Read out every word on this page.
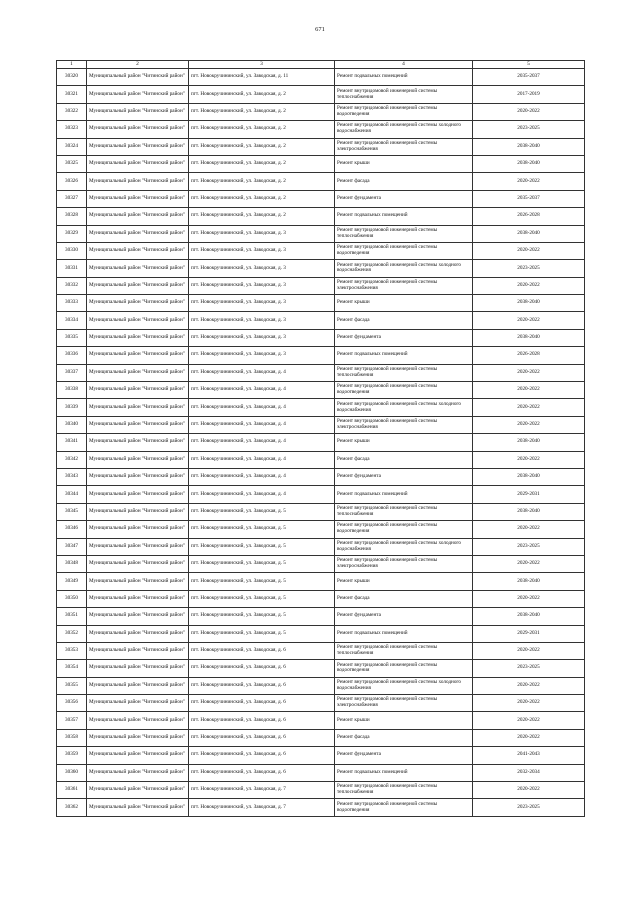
671
1	2	3	4	5
30320	Муниципальный район "Читинский район"	пгт. Новокручининский, ул. Заводская, д. 11	Ремонт подвальных помещений	2035-2037
30321	Муниципальный район "Читинский район"	пгт. Новокручининский, ул. Заводская, д. 2	Ремонт внутридомовой инженерной системы теплоснабжения	2017-2019
30322	Муниципальный район "Читинский район"	пгт. Новокручининский, ул. Заводская, д. 2	Ремонт внутридомовой инженерной системы водоотведения	2020-2022
30323	Муниципальный район "Читинский район"	пгт. Новокручининский, ул. Заводская, д. 2	Ремонт внутридомовой инженерной системы холодного водоснабжения	2023-2025
30324	Муниципальный район "Читинский район"	пгт. Новокручининский, ул. Заводская, д. 2	Ремонт внутридомовой инженерной системы электроснабжения	2038-2040
30325	Муниципальный район "Читинский район"	пгт. Новокручининский, ул. Заводская, д. 2	Ремонт крыши	2038-2040
30326	Муниципальный район "Читинский район"	пгт. Новокручининский, ул. Заводская, д. 2	Ремонт фасада	2020-2022
30327	Муниципальный район "Читинский район"	пгт. Новокручининский, ул. Заводская, д. 2	Ремонт фундамента	2035-2037
30328	Муниципальный район "Читинский район"	пгт. Новокручининский, ул. Заводская, д. 2	Ремонт подвальных помещений	2026-2028
30329	Муниципальный район "Читинский район"	пгт. Новокручининский, ул. Заводская, д. 3	Ремонт внутридомовой инженерной системы теплоснабжения	2038-2040
30330	Муниципальный район "Читинский район"	пгт. Новокручининский, ул. Заводская, д. 3	Ремонт внутридомовой инженерной системы водоотведения	2020-2022
30331	Муниципальный район "Читинский район"	пгт. Новокручининский, ул. Заводская, д. 3	Ремонт внутридомовой инженерной системы холодного водоснабжения	2023-2025
30332	Муниципальный район "Читинский район"	пгт. Новокручининский, ул. Заводская, д. 3	Ремонт внутридомовой инженерной системы электроснабжения	2020-2022
30333	Муниципальный район "Читинский район"	пгт. Новокручининский, ул. Заводская, д. 3	Ремонт крыши	2038-2040
30334	Муниципальный район "Читинский район"	пгт. Новокручининский, ул. Заводская, д. 3	Ремонт фасада	2020-2022
30335	Муниципальный район "Читинский район"	пгт. Новокручининский, ул. Заводская, д. 3	Ремонт фундамента	2038-2040
30336	Муниципальный район "Читинский район"	пгт. Новокручининский, ул. Заводская, д. 3	Ремонт подвальных помещений	2026-2028
30337	Муниципальный район "Читинский район"	пгт. Новокручининский, ул. Заводская, д. 4	Ремонт внутридомовой инженерной системы теплоснабжения	2020-2022
30338	Муниципальный район "Читинский район"	пгт. Новокручининский, ул. Заводская, д. 4	Ремонт внутридомовой инженерной системы водоотведения	2020-2022
30339	Муниципальный район "Читинский район"	пгт. Новокручининский, ул. Заводская, д. 4	Ремонт внутридомовой инженерной системы холодного водоснабжения	2020-2022
30340	Муниципальный район "Читинский район"	пгт. Новокручининский, ул. Заводская, д. 4	Ремонт внутридомовой инженерной системы электроснабжения	2020-2022
30341	Муниципальный район "Читинский район"	пгт. Новокручининский, ул. Заводская, д. 4	Ремонт крыши	2038-2040
30342	Муниципальный район "Читинский район"	пгт. Новокручининский, ул. Заводская, д. 4	Ремонт фасада	2020-2022
30343	Муниципальный район "Читинский район"	пгт. Новокручининский, ул. Заводская, д. 4	Ремонт фундамента	2038-2040
30344	Муниципальный район "Читинский район"	пгт. Новокручининский, ул. Заводская, д. 4	Ремонт подвальных помещений	2029-2031
30345	Муниципальный район "Читинский район"	пгт. Новокручининский, ул. Заводская, д. 5	Ремонт внутридомовой инженерной системы теплоснабжения	2038-2040
30346	Муниципальный район "Читинский район"	пгт. Новокручининский, ул. Заводская, д. 5	Ремонт внутридомовой инженерной системы водоотведения	2020-2022
30347	Муниципальный район "Читинский район"	пгт. Новокручининский, ул. Заводская, д. 5	Ремонт внутридомовой инженерной системы холодного водоснабжения	2023-2025
30348	Муниципальный район "Читинский район"	пгт. Новокручининский, ул. Заводская, д. 5	Ремонт внутридомовой инженерной системы электроснабжения	2020-2022
30349	Муниципальный район "Читинский район"	пгт. Новокручининский, ул. Заводская, д. 5	Ремонт крыши	2038-2040
30350	Муниципальный район "Читинский район"	пгт. Новокручининский, ул. Заводская, д. 5	Ремонт фасада	2020-2022
30351	Муниципальный район "Читинский район"	пгт. Новокручининский, ул. Заводская, д. 5	Ремонт фундамента	2038-2040
30352	Муниципальный район "Читинский район"	пгт. Новокручининский, ул. Заводская, д. 5	Ремонт подвальных помещений	2029-2031
30353	Муниципальный район "Читинский район"	пгт. Новокручининский, ул. Заводская, д. 6	Ремонт внутридомовой инженерной системы теплоснабжения	2020-2022
30354	Муниципальный район "Читинский район"	пгт. Новокручининский, ул. Заводская, д. 6	Ремонт внутридомовой инженерной системы водоотведения	2023-2025
30355	Муниципальный район "Читинский район"	пгт. Новокручининский, ул. Заводская, д. 6	Ремонт внутридомовой инженерной системы холодного водоснабжения	2020-2022
30356	Муниципальный район "Читинский район"	пгт. Новокручининский, ул. Заводская, д. 6	Ремонт внутридомовой инженерной системы электроснабжения	2020-2022
30357	Муниципальный район "Читинский район"	пгт. Новокручининский, ул. Заводская, д. 6	Ремонт крыши	2020-2022
30358	Муниципальный район "Читинский район"	пгт. Новокручининский, ул. Заводская, д. 6	Ремонт фасада	2020-2022
30359	Муниципальный район "Читинский район"	пгт. Новокручининский, ул. Заводская, д. 6	Ремонт фундамента	2041-2043
30360	Муниципальный район "Читинский район"	пгт. Новокручининский, ул. Заводская, д. 6	Ремонт подвальных помещений	2032-2034
30361	Муниципальный район "Читинский район"	пгт. Новокручининский, ул. Заводская, д. 7	Ремонт внутридомовой инженерной системы теплоснабжения	2020-2022
30362	Муниципальный район "Читинский район"	пгт. Новокручининский, ул. Заводская, д. 7	Ремонт внутридомовой инженерной системы водоотведения	2023-2025
